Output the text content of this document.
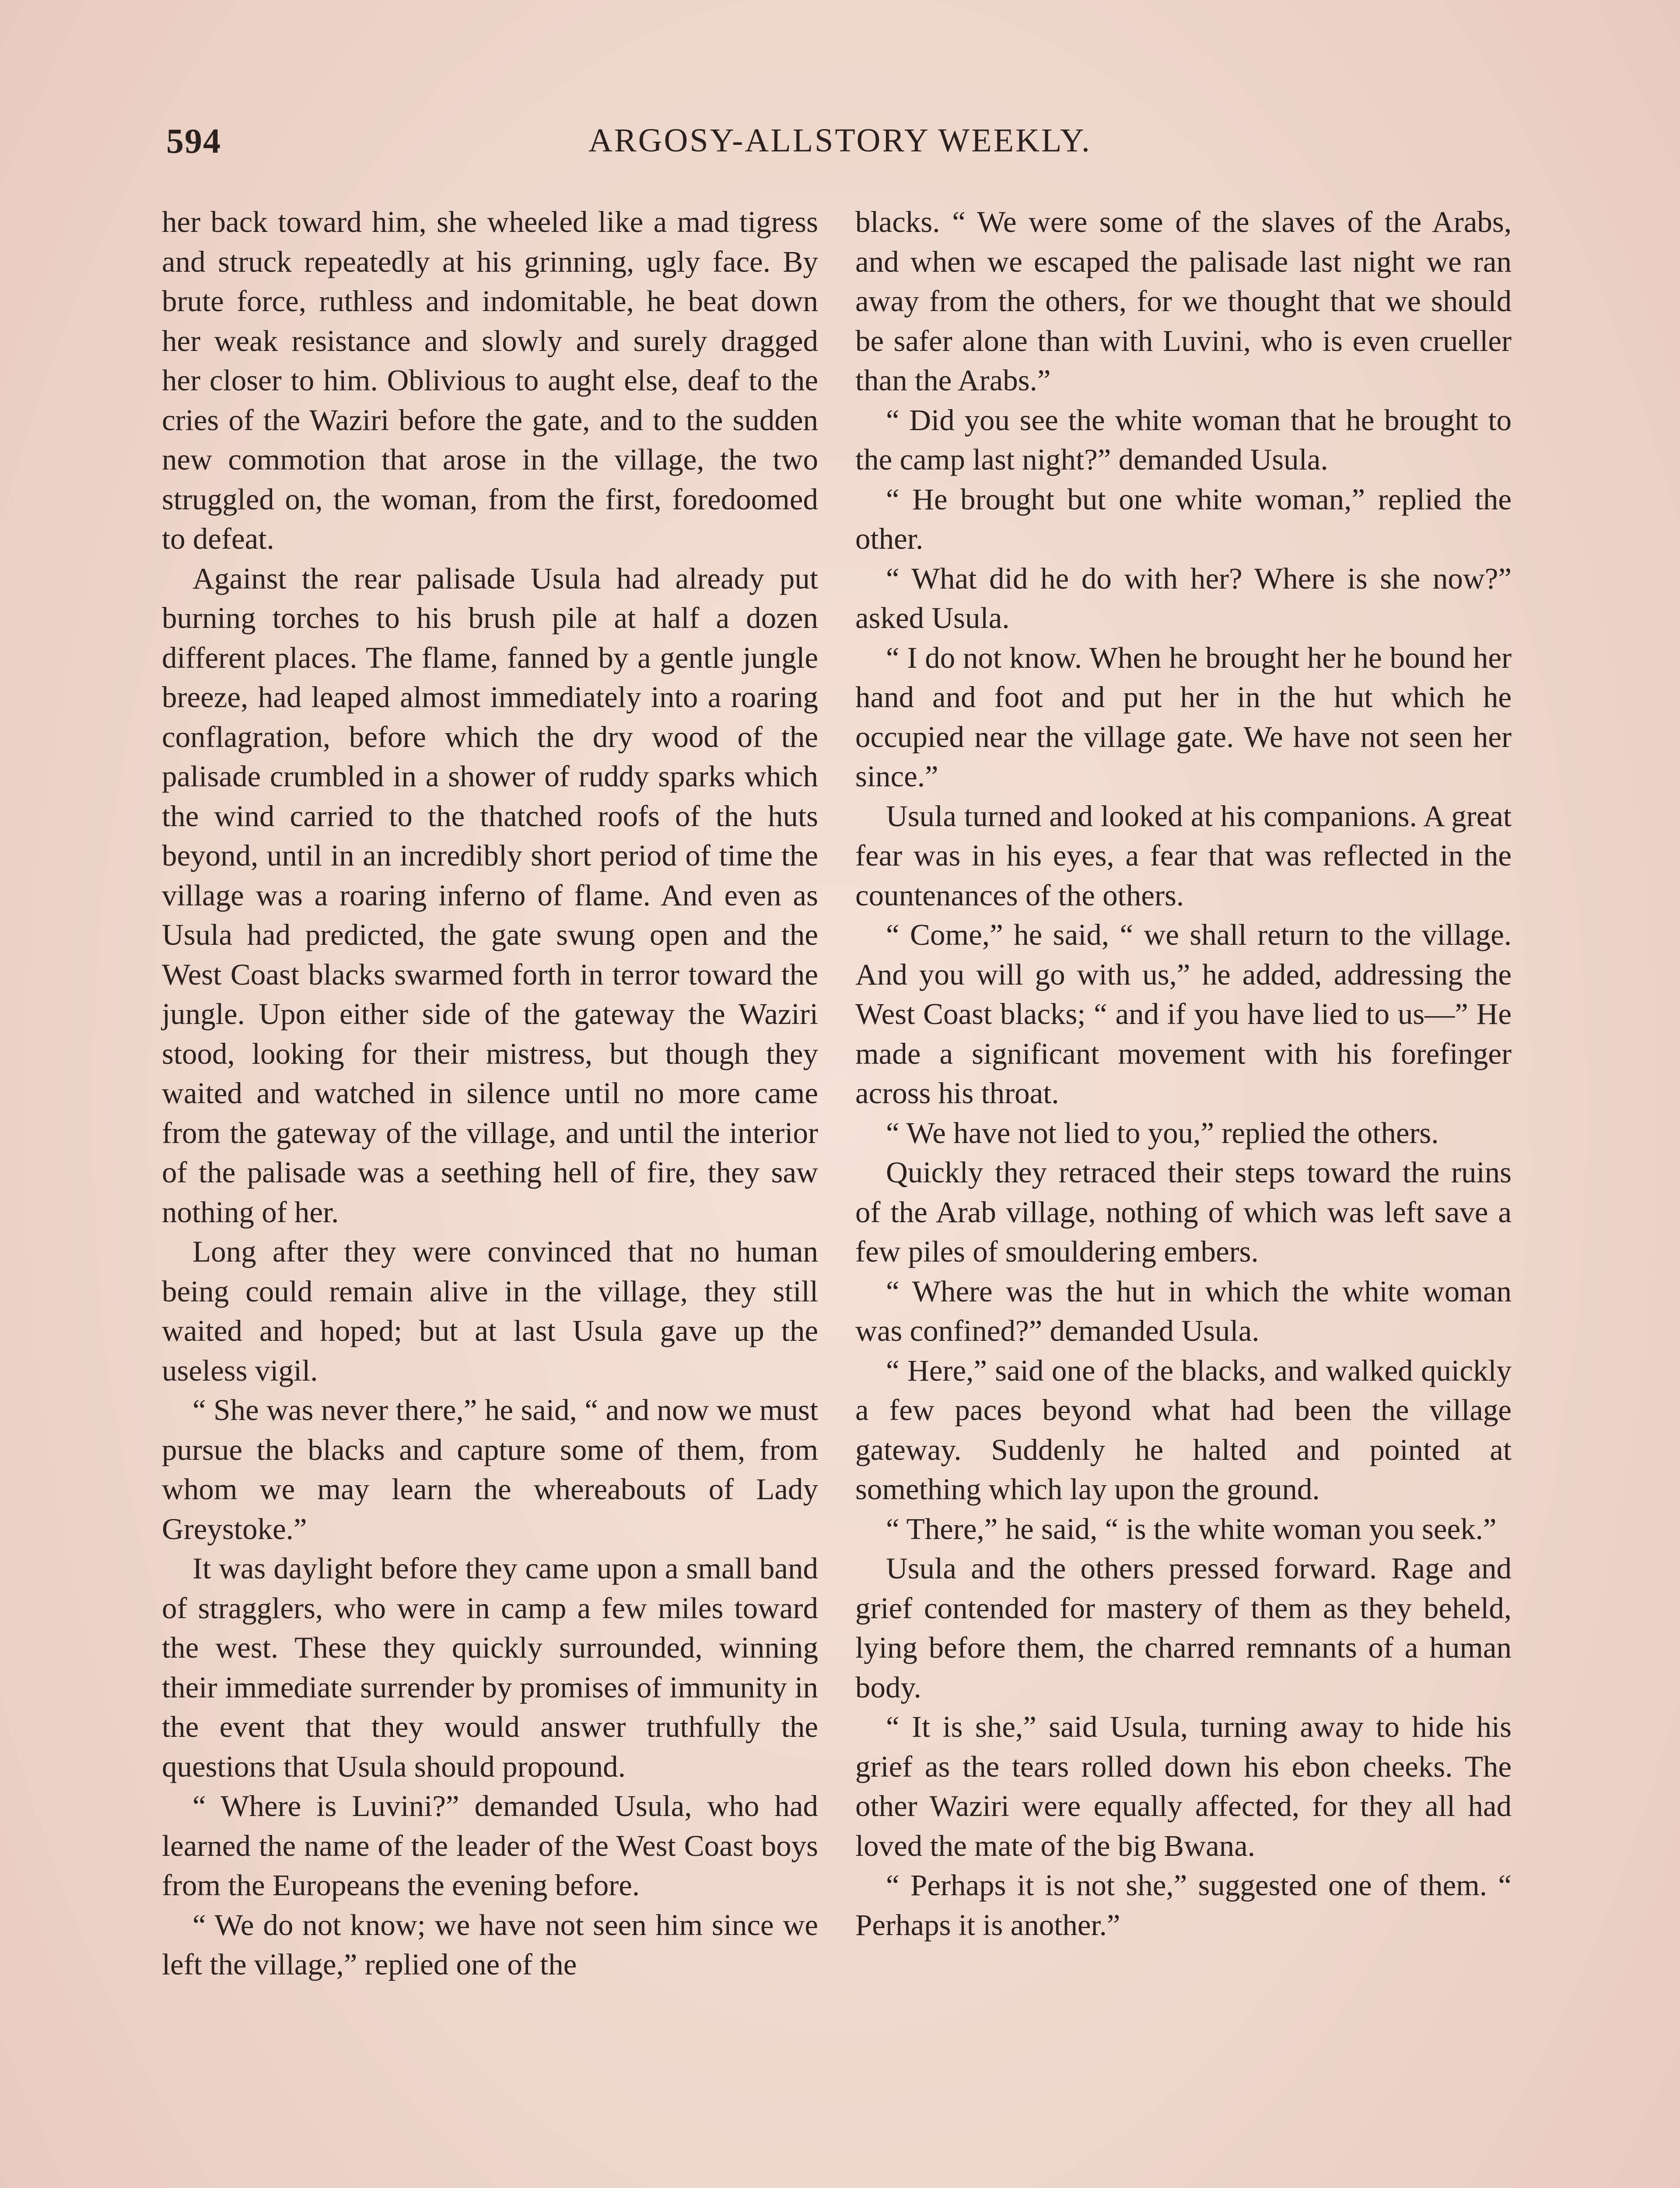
594	ARGOSY-ALLSTORY WEEKLY.

her back toward him, she wheeled like a mad tigress and struck repeatedly at his grinning, ugly face. By brute force, ruthless and indomitable, he beat down her weak resistance and slowly and surely dragged her closer to him. Oblivious to aught else, deaf to the cries of the Waziri before the gate, and to the sudden new commotion that arose in the village, the two struggled on, the woman, from the first, foredoomed to defeat.

Against the rear palisade Usula had already put burning torches to his brush pile at half a dozen different places. The flame, fanned by a gentle jungle breeze, had leaped almost immediately into a roaring conflagration, before which the dry wood of the palisade crumbled in a shower of ruddy sparks which the wind carried to the thatched roofs of the huts beyond, until in an incredibly short period of time the village was a roaring inferno of flame. And even as Usula had predicted, the gate swung open and the West Coast blacks swarmed forth in terror toward the jungle. Upon either side of the gateway the Waziri stood, looking for their mistress, but though they waited and watched in silence until no more came from the gateway of the village, and until the interior of the palisade was a seething hell of fire, they saw nothing of her.

Long after they were convinced that no human being could remain alive in the village, they still waited and hoped; but at last Usula gave up the useless vigil.

“ She was never there,” he said, “ and now we must pursue the blacks and capture some of them, from whom we may learn the whereabouts of Lady Greystoke.”

It was daylight before they came upon a small band of stragglers, who were in camp a few miles toward the west. These they quickly surrounded, winning their immediate surrender by promises of immunity in the event that they would answer truthfully the questions that Usula should propound.

“ Where is Luvini?” demanded Usula, who had learned the name of the leader of the West Coast boys from the Europeans the evening before.

“ We do not know; we have not seen him since we left the village,” replied one of the

blacks. “ We were some of the slaves of the Arabs, and when we escaped the palisade last night we ran away from the others, for we thought that we should be safer alone than with Luvini, who is even crueller than the Arabs.”

“ Did you see the white woman that he brought to the camp last night?” demanded Usula.

“ He brought but one white woman,” replied the other.

“ What did he do with her? Where is she now?” asked Usula.

“ I do not know. When he brought her he bound her hand and foot and put her in the hut which he occupied near the village gate. We have not seen her since.”

Usula turned and looked at his companions. A great fear was in his eyes, a fear that was reflected in the countenances of the others.

“ Come,” he said, “ we shall return to the village. And you will go with us,” he added, addressing the West Coast blacks; “ and if you have lied to us—” He made a significant movement with his forefinger across his throat.

“ We have not lied to you,” replied the others.

Quickly they retraced their steps toward the ruins of the Arab village, nothing of which was left save a few piles of smouldering embers.

“ Where was the hut in which the white woman was confined?” demanded Usula.

“ Here,” said one of the blacks, and walked quickly a few paces beyond what had been the village gateway. Suddenly he halted and pointed at something which lay upon the ground.

“ There,” he said, “ is the white woman you seek.”

Usula and the others pressed forward. Rage and grief contended for mastery of them as they beheld, lying before them, the charred remnants of a human body.

“ It is she,” said Usula, turning away to hide his grief as the tears rolled down his ebon cheeks. The other Waziri were equally affected, for they all had loved the mate of the big Bwana.

“ Perhaps it is not she,” suggested one of them. “ Perhaps it is another.”
